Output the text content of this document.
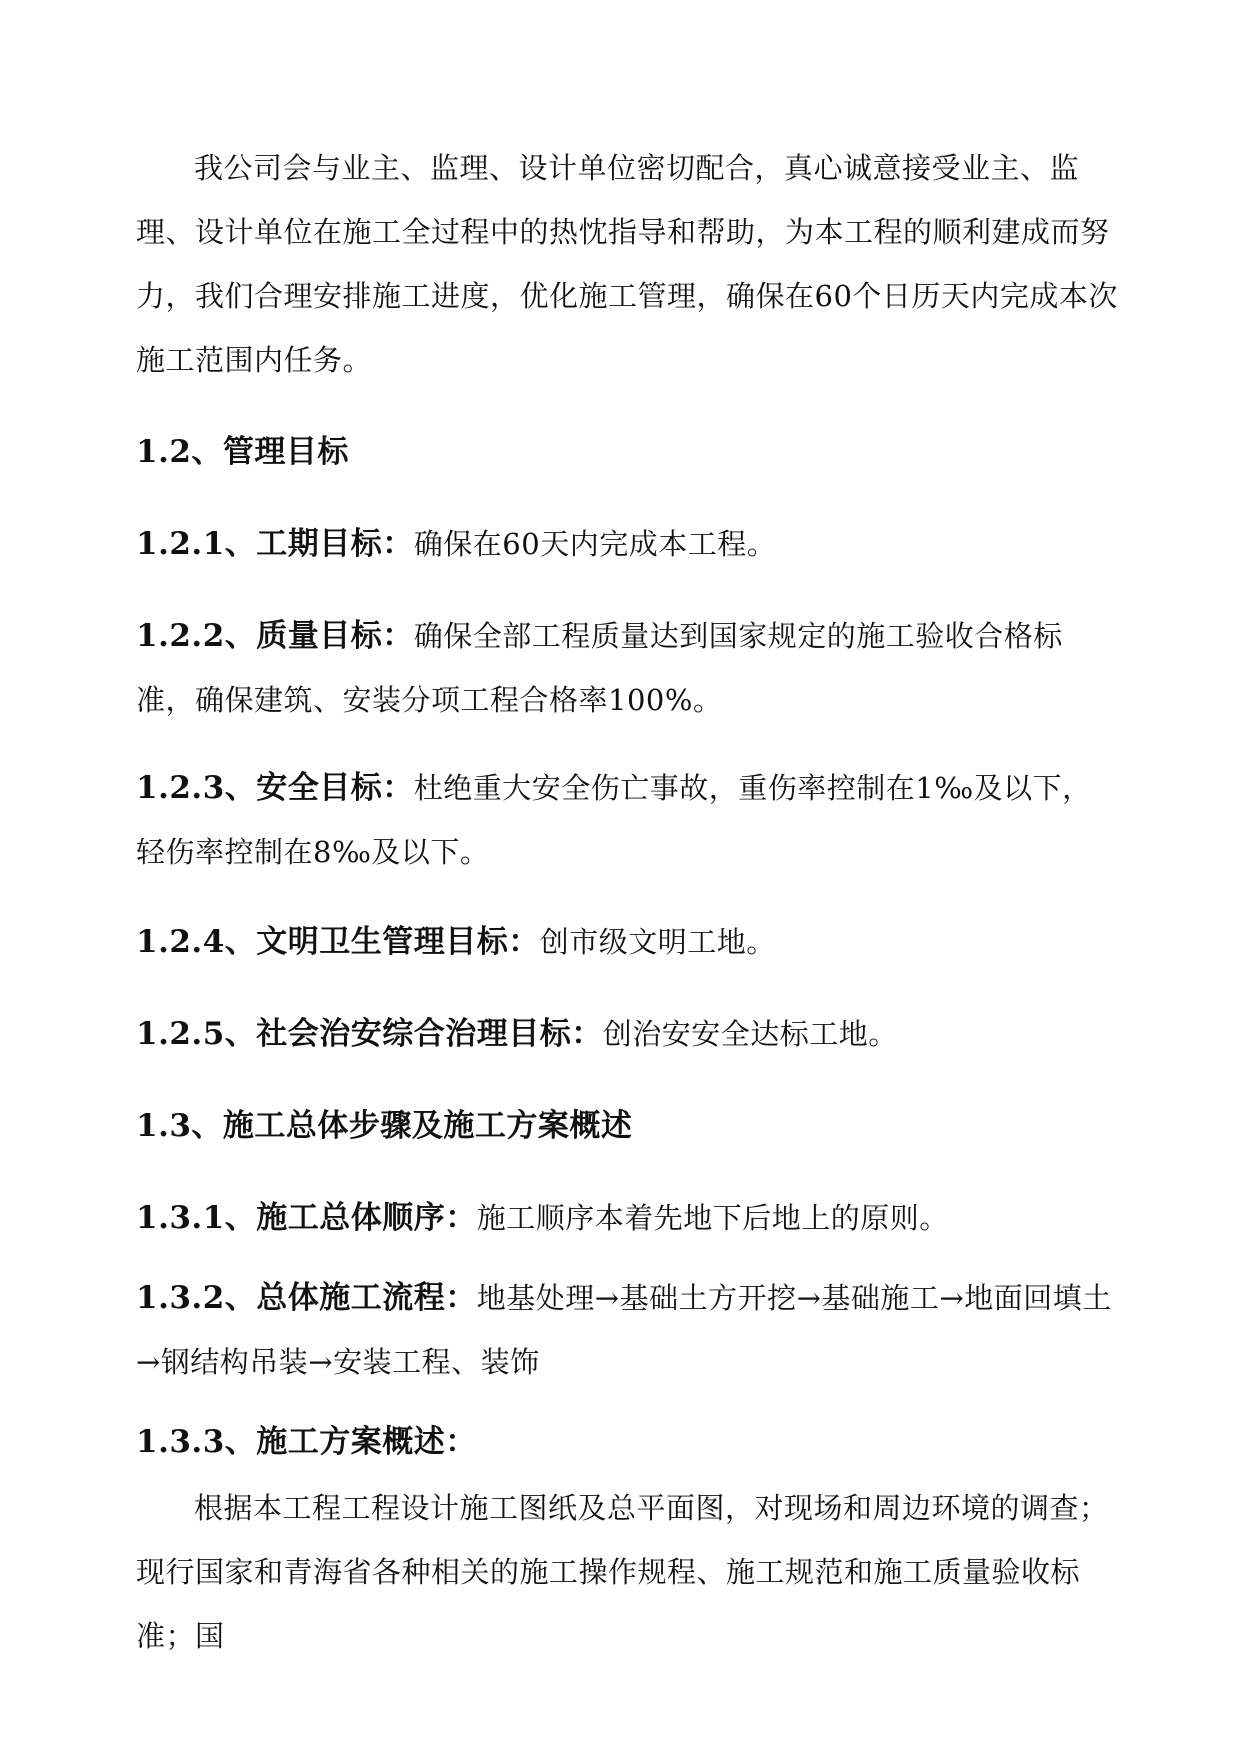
我公司会与业主、监理、设计单位密切配合，真心诚意接受业主、监理、设计单位在施工全过程中的热忱指导和帮助，为本工程的顺利建成而努力，我们合理安排施工进度，优化施工管理，确保在60个日历天内完成本次施工范围内任务。

1.2、管理目标

1.2.1、工期目标：确保在60天内完成本工程。

1.2.2、质量目标：确保全部工程质量达到国家规定的施工验收合格标准，确保建筑、安装分项工程合格率100%。

1.2.3、安全目标：杜绝重大安全伤亡事故，重伤率控制在1‰及以下，轻伤率控制在8‰及以下。

1.2.4、文明卫生管理目标：创市级文明工地。

1.2.5、社会治安综合治理目标：创治安安全达标工地。

1.3、施工总体步骤及施工方案概述

1.3.1、施工总体顺序：施工顺序本着先地下后地上的原则。

1.3.2、总体施工流程：地基处理→基础土方开挖→基础施工→地面回填土→钢结构吊装→安装工程、装饰

1.3.3、施工方案概述：

根据本工程工程设计施工图纸及总平面图，对现场和周边环境的调查；现行国家和青海省各种相关的施工操作规程、施工规范和施工质量验收标准；国
